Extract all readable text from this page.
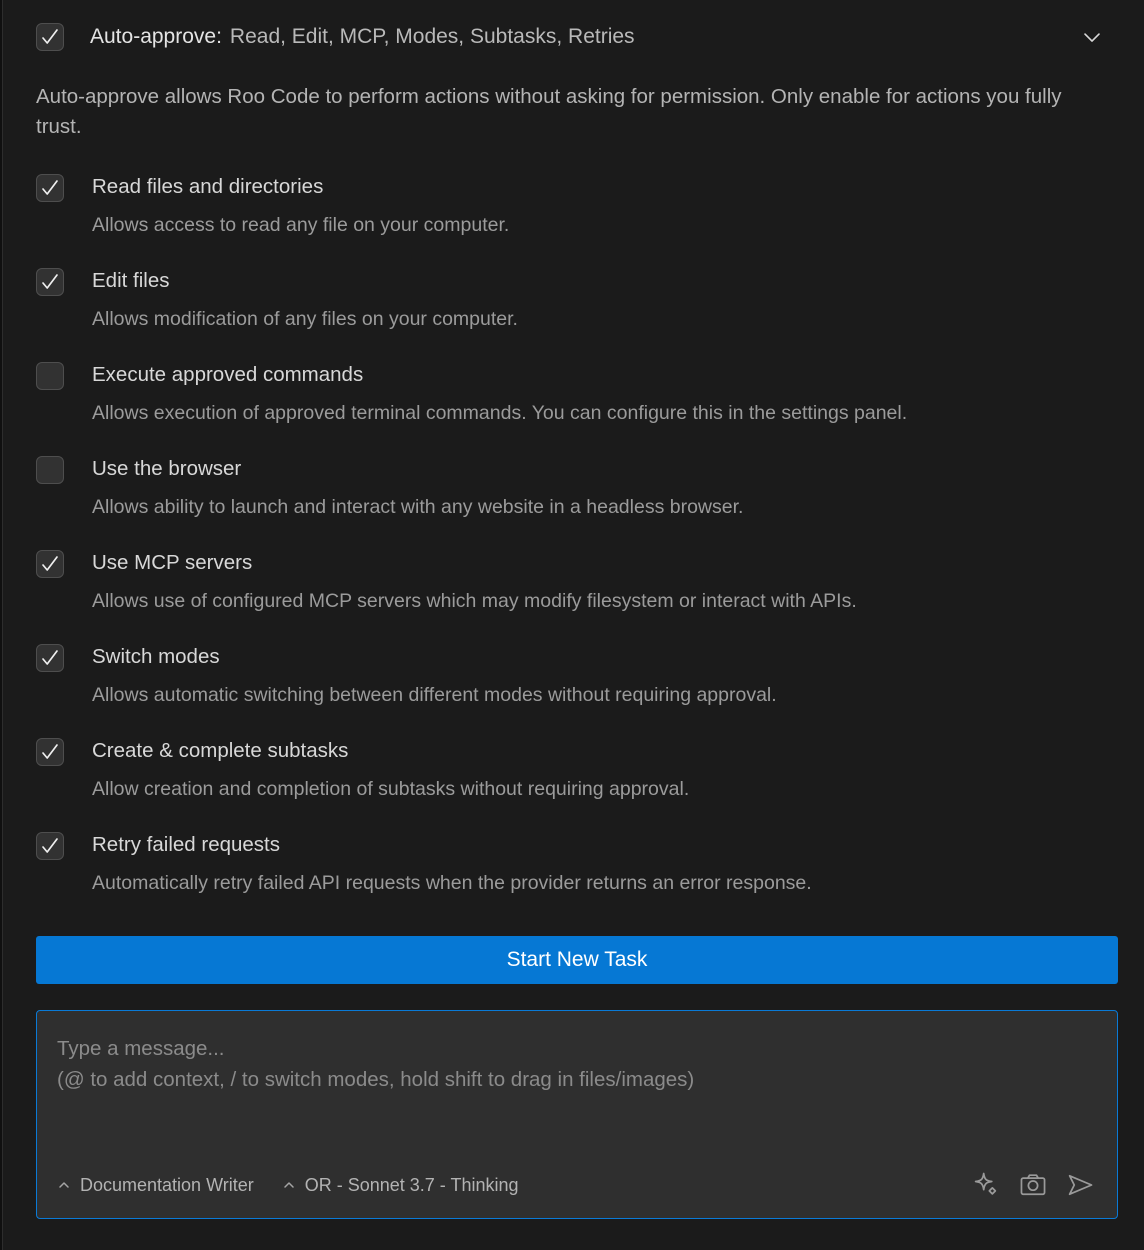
Auto-approve: Read, Edit, MCP, Modes, Subtasks, Retries
Auto-approve allows Roo Code to perform actions without asking for permission. Only enable for actions you fully trust.
Read files and directories
Allows access to read any file on your computer.
Edit files
Allows modification of any files on your computer.
Execute approved commands
Allows execution of approved terminal commands. You can configure this in the settings panel.
Use the browser
Allows ability to launch and interact with any website in a headless browser.
Use MCP servers
Allows use of configured MCP servers which may modify filesystem or interact with APIs.
Switch modes
Allows automatic switching between different modes without requiring approval.
Create & complete subtasks
Allow creation and completion of subtasks without requiring approval.
Retry failed requests
Automatically retry failed API requests when the provider returns an error response.
Start New Task
Type a message...
(@ to add context, / to switch modes, hold shift to drag in files/images)
Documentation Writer	OR - Sonnet 3.7 - Thinking
